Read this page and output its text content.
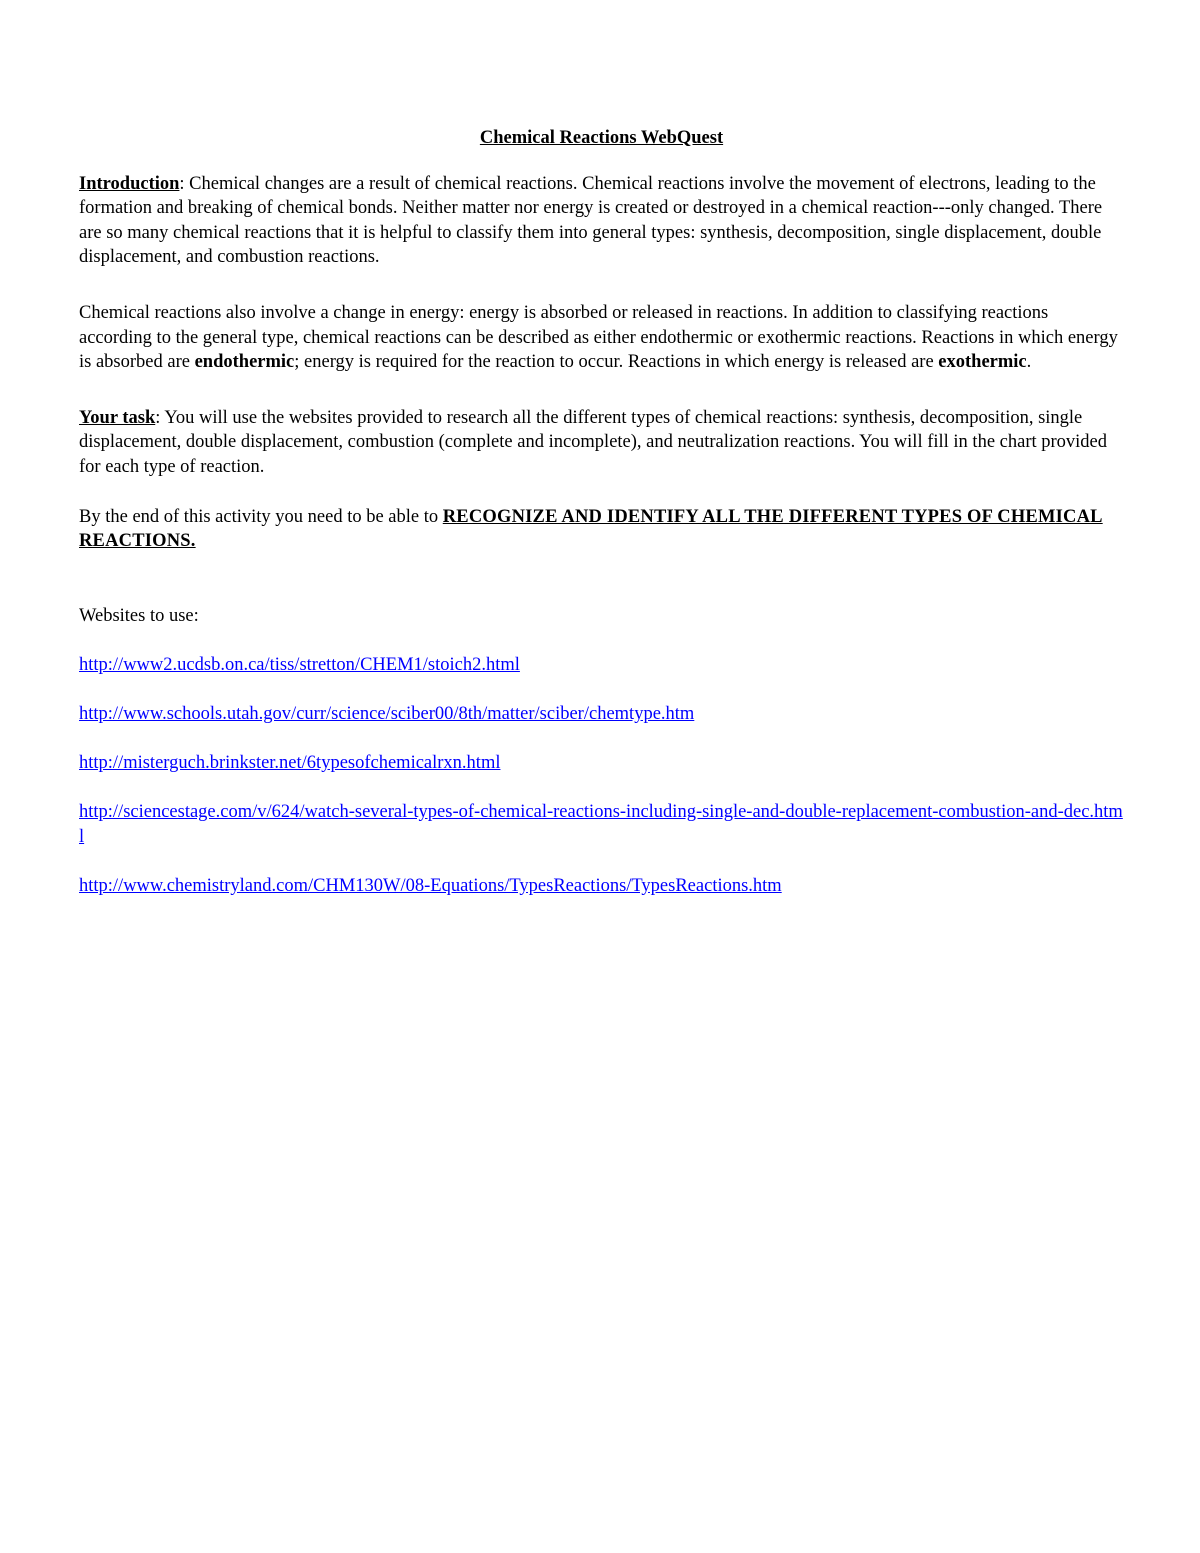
Chemical Reactions WebQuest

Introduction: Chemical changes are a result of chemical reactions. Chemical reactions involve the movement of electrons, leading to the formation and breaking of chemical bonds. Neither matter nor energy is created or destroyed in a chemical reaction---only changed. There are so many chemical reactions that it is helpful to classify them into general types: synthesis, decomposition, single displacement, double displacement, and combustion reactions.

Chemical reactions also involve a change in energy: energy is absorbed or released in reactions. In addition to classifying reactions according to the general type, chemical reactions can be described as either endothermic or exothermic reactions. Reactions in which energy is absorbed are endothermic; energy is required for the reaction to occur. Reactions in which energy is released are exothermic.

Your task: You will use the websites provided to research all the different types of chemical reactions: synthesis, decomposition, single displacement, double displacement, combustion (complete and incomplete), and neutralization reactions. You will fill in the chart provided for each type of reaction.

By the end of this activity you need to be able to RECOGNIZE AND IDENTIFY ALL THE DIFFERENT TYPES OF CHEMICAL REACTIONS.

Websites to use:

http://www2.ucdsb.on.ca/tiss/stretton/CHEM1/stoich2.html

http://www.schools.utah.gov/curr/science/sciber00/8th/matter/sciber/chemtype.htm

http://misterguch.brinkster.net/6typesofchemicalrxn.html

http://sciencestage.com/v/624/watch-several-types-of-chemical-reactions-including-single-and-double-replacement-combustion-and-dec.html

http://www.chemistryland.com/CHM130W/08-Equations/TypesReactions/TypesReactions.htm
